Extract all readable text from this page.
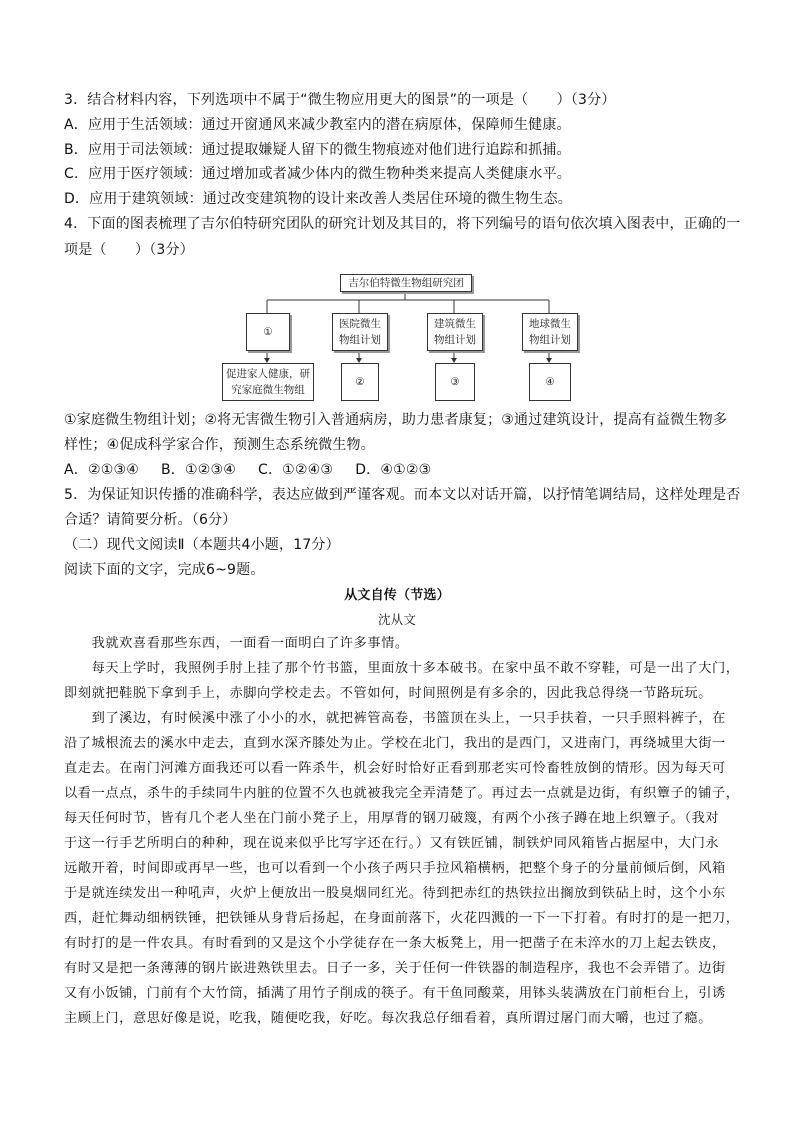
3．结合材料内容，下列选项中不属于“微生物应用更大的图景”的一项是（　　）（3分）
A．应用于生活领域：通过开窗通风来减少教室内的潜在病原体，保障师生健康。
B．应用于司法领域：通过提取嫌疑人留下的微生物痕迹对他们进行追踪和抓捕。
C．应用于医疗领域：通过增加或者减少体内的微生物种类来提高人类健康水平。
D．应用于建筑领域：通过改变建筑物的设计来改善人类居住环境的微生物生态。
4．下面的图表梳理了吉尔伯特研究团队的研究计划及其目的，将下列编号的语句依次填入图表中，正确的一
项是（　　）（3分）
吉尔伯特微生物组研究团
①
医院微生
物组计划
建筑微生
物组计划
地球微生
物组计划
促进家人健康，研
究家庭微生物组
②	③	④
①家庭微生物组计划；②将无害微生物引入普通病房，助力患者康复；③通过建筑设计，提高有益微生物多
样性；④促成科学家合作，预测生态系统微生物。
A．②①③④ B．①②③④ C．①②④③ D．④①②③
5．为保证知识传播的准确科学，表达应做到严谨客观。而本文以对话开篇，以抒情笔调结局，这样处理是否
合适？请简要分析。（6分）
（二）现代文阅读Ⅱ（本题共4小题，17分）
阅读下面的文字，完成6~9题。
从文自传（节选）
沈从文
　　我就欢喜看那些东西，一面看一面明白了许多事情。
　　每天上学时，我照例手肘上挂了那个竹书篮，里面放十多本破书。在家中虽不敢不穿鞋，可是一出了大门，
即刻就把鞋脱下拿到手上，赤脚向学校走去。不管如何，时间照例是有多余的，因此我总得绕一节路玩玩。
　　到了溪边，有时候溪中涨了小小的水，就把裤管高卷，书篮顶在头上，一只手扶着，一只手照料裤子，在
沿了城根流去的溪水中走去，直到水深齐膝处为止。学校在北门，我出的是西门，又进南门，再绕城里大街一
直走去。在南门河滩方面我还可以看一阵杀牛，机会好时恰好正看到那老实可怜畜牲放倒的情形。因为每天可
以看一点点，杀牛的手续同牛内脏的位置不久也就被我完全弄清楚了。再过去一点就是边街，有织簟子的铺子，
每天任何时节，皆有几个老人坐在门前小凳子上，用厚背的钢刀破篾，有两个小孩子蹲在地上织簟子。（我对
于这一行手艺所明白的种种，现在说来似乎比写字还在行。）又有铁匠铺，制铁炉同风箱皆占据屋中，大门永
远敞开着，时间即或再早一些，也可以看到一个小孩子两只手拉风箱横柄，把整个身子的分量前倾后倒，风箱
于是就连续发出一种吼声，火炉上便放出一股臭烟同红光。待到把赤红的热铁拉出搁放到铁砧上时，这个小东
西，赶忙舞动细柄铁锤，把铁锤从身背后扬起，在身面前落下，火花四溅的一下一下打着。有时打的是一把刀，
有时打的是一件农具。有时看到的又是这个小学徒存在一条大板凳上，用一把凿子在未淬水的刀上起去铁皮，
有时又是把一条薄薄的钢片嵌进熟铁里去。日子一多，关于任何一件铁器的制造程序，我也不会弄错了。边街
又有小饭铺，门前有个大竹筒，插满了用竹子削成的筷子。有干鱼同酸菜，用钵头装满放在门前柜台上，引诱
主顾上门，意思好像是说，吃我，随便吃我，好吃。每次我总仔细看着，真所谓过屠门而大嚼，也过了瘾。
